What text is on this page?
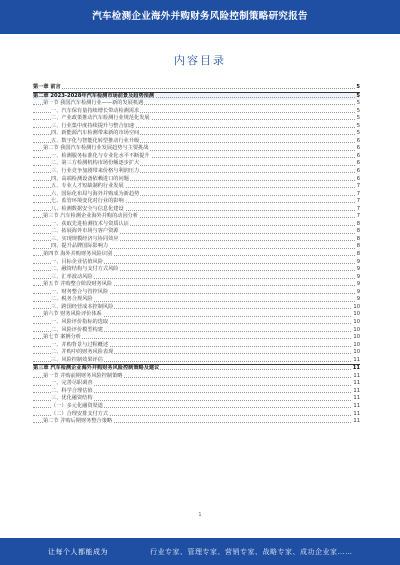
汽车检测企业海外并购财务风险控制策略研究报告
内容目录
第一章 前言	5
第二章 2023-2028年汽车检测市场前景及趋势预测	5
第一节 我国汽车检测行业——新的发展机遇	5
一、汽车保有量持续增长带动检测需求	5
二、产业政策推动汽车检测行业规范化发展	5
三、行业集中度持续提升与整合加速	5
四、新能源汽车检测带来新的市场空间	5
五、数字化与智能化转型推动行业升级	6
第二节 我国汽车检测行业发展趋势与主要挑战	6
一、检测服务标准化与专业化水平不断提升	6
二、第三方检测机构市场份额逐步扩大	6
三、行业竞争加剧带来价格与利润压力	6
四、高端检测设备依赖进口的问题	6
五、专业人才短缺制约行业发展	7
六、国际化布局与海外并购成为新趋势	7
七、监管环境变化对行业的影响	7
八、检测数据安全与信息化建设	7
第三节 汽车检测企业海外并购的动因分析	7
一、获取先进检测技术与资质认证	8
二、拓展海外市场与客户资源	8
三、实现规模经济与协同效应	8
四、提升品牌国际影响力	8
第四节 海外并购财务风险识别	8
一、目标企业估值风险	9
二、融资结构与支付方式风险	9
三、汇率波动风险	9
第五节 并购整合阶段财务风险	9
一、财务整合与管控风险	9
二、税务合规风险	9
三、跨国经营成本控制风险	10
第六节 财务风险评价体系	10
一、风险评价指标的选取	10
二、风险评价模型构建	10
第七节 案例分析	10
一、并购背景与过程概述	10
二、并购中的财务风险表现	10
三、风险控制效果评估	11
第三章 汽车检测企业海外并购财务风险控制策略及建议	11
第一节 并购前期财务风险控制策略	11
一、完善尽职调查	11
二、科学合理估值	11
三、优化融资结构	11
（一）多元化融资渠道	11
（二）合理安排支付方式	11
第二节 并购后期财务整合策略	11
1
让每个人都能成为	行业专家、管理专家、营销专家、战略专家、成功企业家……
